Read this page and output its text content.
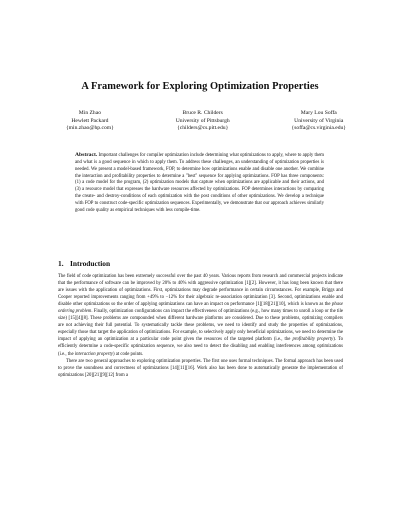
A Framework for Exploring Optimization Properties
Min Zhao
Hewlett Packard
{min.zhao@hp.com}
Bruce R. Childers
University of Pittsburgh
{childers@cs.pitt.edu}
Mary Lou Soffa
University of Virginia
{soffa@cs.virginia.edu}
Abstract. Important challenges for compiler optimization include determining what optimizations to apply, where to apply them and what is a good sequence in which to apply them. To address these challenges, an understanding of optimization properties is needed. We present a model-based framework, FOP, to determine how optimizations enable and disable one another. We combine the interaction and profitability properties to determine a "best" sequence for applying optimizations. FOP has three components: (1) a code model for the program, (2) optimization models that capture when optimizations are applicable and their actions, and (3) a resource model that expresses the hardware resources affected by optimizations. FOP determines interactions by comparing the create- and destroy-conditions of each optimization with the post conditions of other optimizations. We develop a technique with FOP to construct code-specific optimization sequences. Experimentally, we demonstrate that our approach achieves similarly good code quality as empirical techniques with less compile-time.
1. Introduction

The field of code optimization has been extremely successful over the past 40 years. Various reports from research and commercial projects indicate that the performance of software can be improved by 20% to 40% with aggressive optimization [1][2]. However, it has long been known that there are issues with the application of optimizations. First, optimizations may degrade performance in certain circumstances. For example, Briggs and Cooper reported improvements ranging from +49% to −12% for their algebraic re-association optimization [3]. Second, optimizations enable and disable other optimizations so the order of applying optimizations can have an impact on performance [1][18][21][10], which is known as the phase ordering problem. Finally, optimization configurations can impact the effectiveness of optimizations (e.g., how many times to unroll a loop or the tile size) [15][4][8]. These problems are compounded when different hardware platforms are considered. Due to these problems, optimizing compilers are not achieving their full potential. To systematically tackle these problems, we need to identify and study the properties of optimizations, especially those that target the application of optimizations. For example, to selectively apply only beneficial optimizations, we need to determine the impact of applying an optimization at a particular code point given the resources of the targeted platform (i.e., the profitability property). To efficiently determine a code-specific optimization sequence, we also need to detect the disabling and enabling interferences among optimizations (i.e., the interaction property) at code points.

There are two general approaches to exploring optimization properties. The first one uses formal techniques. The formal approach has been used to prove the soundness and correctness of optimizations [14][11][16]. Work also has been done to automatically generate the implementation of optimizations [20][21][9][12] from a
